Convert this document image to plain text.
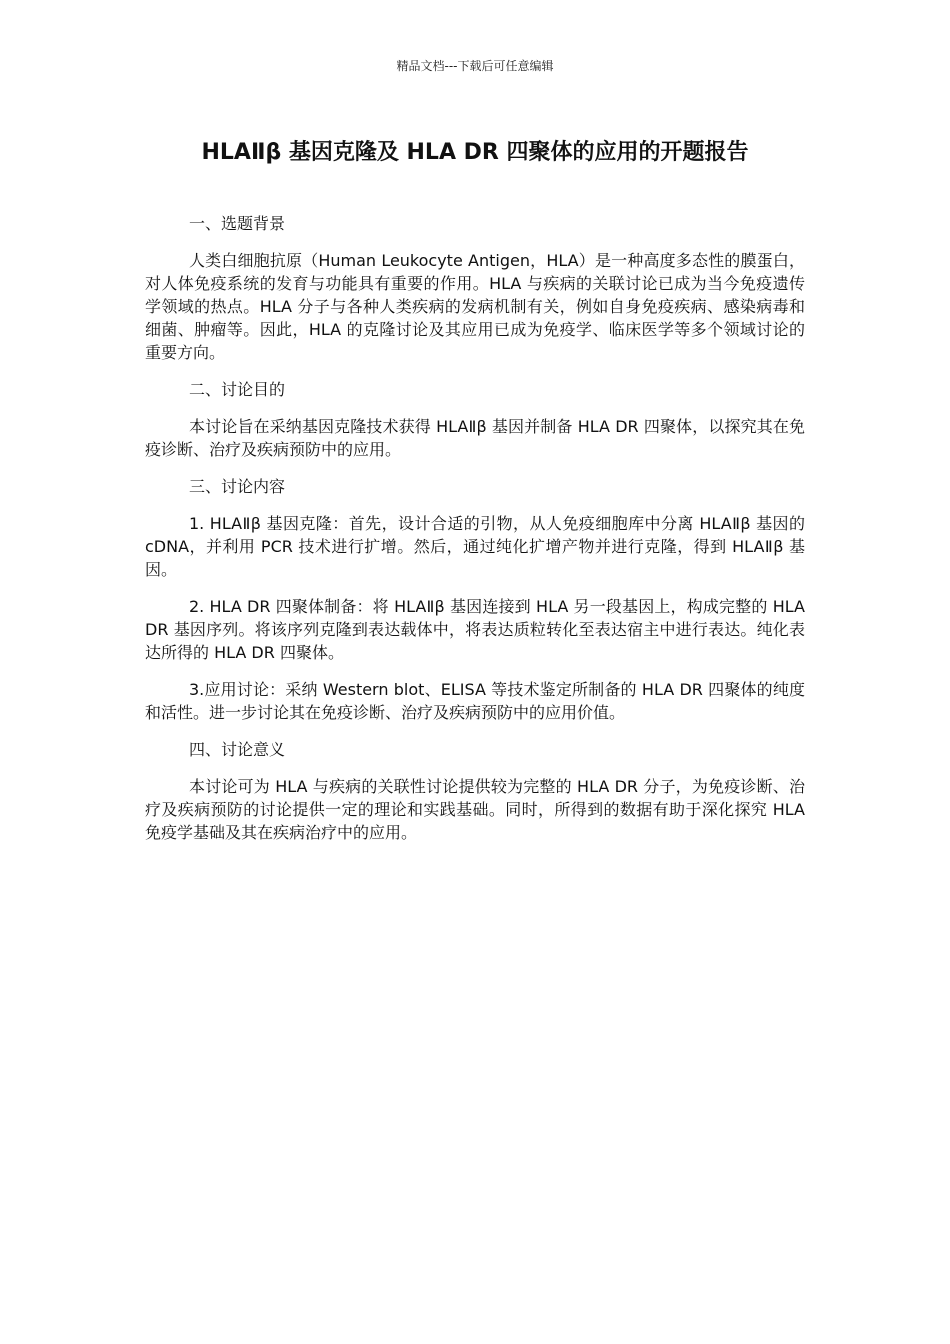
精品文档---下载后可任意编辑
HLAⅡβ 基因克隆及 HLA DR 四聚体的应用的开题报告

一、选题背景

人类白细胞抗原（Human Leukocyte Antigen，HLA）是一种高度多态性的膜蛋白，对人体免疫系统的发育与功能具有重要的作用。HLA 与疾病的关联讨论已成为当今免疫遗传学领域的热点。HLA 分子与各种人类疾病的发病机制有关，例如自身免疫疾病、感染病毒和细菌、肿瘤等。因此，HLA 的克隆讨论及其应用已成为免疫学、临床医学等多个领域讨论的重要方向。

二、讨论目的

本讨论旨在采纳基因克隆技术获得 HLAⅡβ 基因并制备 HLA DR 四聚体，以探究其在免疫诊断、治疗及疾病预防中的应用。

三、讨论内容

1. HLAⅡβ 基因克隆：首先，设计合适的引物，从人免疫细胞库中分离 HLAⅡβ 基因的 cDNA，并利用 PCR 技术进行扩增。然后，通过纯化扩增产物并进行克隆，得到 HLAⅡβ 基因。

2. HLA DR 四聚体制备：将 HLAⅡβ 基因连接到 HLA 另一段基因上，构成完整的 HLA DR 基因序列。将该序列克隆到表达载体中，将表达质粒转化至表达宿主中进行表达。纯化表达所得的 HLA DR 四聚体。

3.应用讨论：采纳 Western blot、ELISA 等技术鉴定所制备的 HLA DR 四聚体的纯度和活性。进一步讨论其在免疫诊断、治疗及疾病预防中的应用价值。

四、讨论意义

本讨论可为 HLA 与疾病的关联性讨论提供较为完整的 HLA DR 分子，为免疫诊断、治疗及疾病预防的讨论提供一定的理论和实践基础。同时，所得到的数据有助于深化探究 HLA 免疫学基础及其在疾病治疗中的应用。
